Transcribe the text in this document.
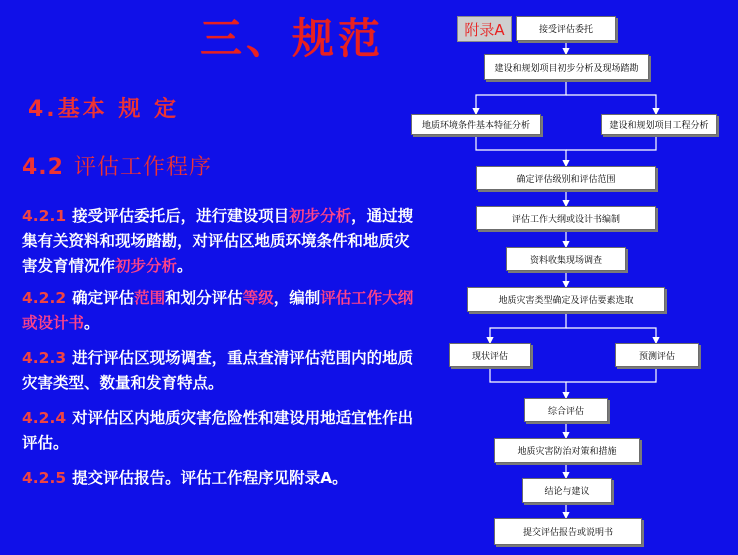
三、规范
4.基本 规 定
4.2 评估工作程序
4.2.1 接受评估委托后，进行建设项目初步分析，通过搜集有关资料和现场踏勘，对评估区地质环境条件和地质灾害发育情况作初步分析。
4.2.2 确定评估范围和划分评估等级，编制评估工作大纲或设计书。
4.2.3 进行评估区现场调查，重点查清评估范围内的地质灾害类型、数量和发育特点。
4.2.4 对评估区内地质灾害危险性和建设用地适宜性作出评估。
4.2.5 提交评估报告。评估工作程序见附录A。
附录A	接受评估委托
建设和规划项目初步分析及现场踏勘
地质环境条件基本特征分析	建设和规划项目工程分析
确定评估级别和评估范围
评估工作大纲或设计书编制
资料收集现场调查
地质灾害类型确定及评估要素选取
现状评估	预测评估
综合评估
地质灾害防治对策和措施
结论与建议
提交评估报告或说明书
